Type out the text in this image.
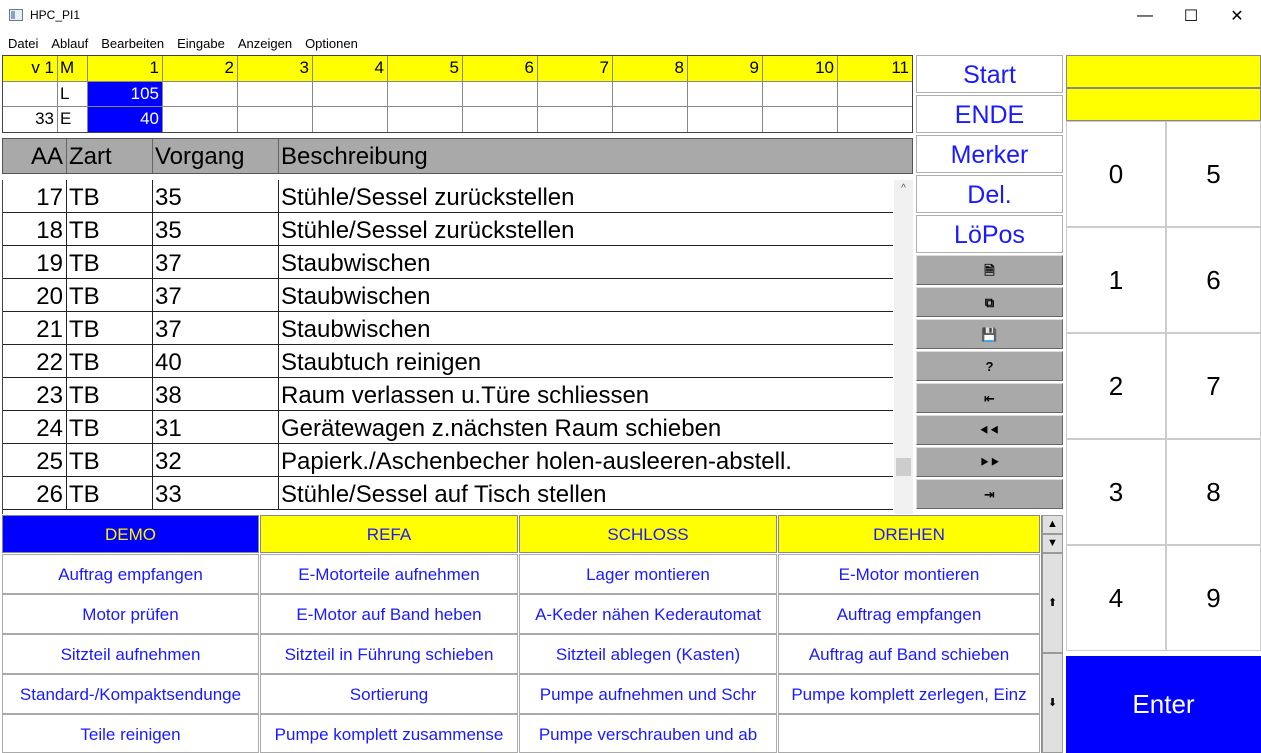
HPC_PI1	—	☐	✕
Datei	Ablauf	Bearbeiten	Eingabe	Anzeigen	Optionen
v 1 M	1	2	3	4	5	6	7	8	9	10	11
L	105
33 E	40
AA Zart	Vorgang	Beschreibung
17 TB	35	Stühle/Sessel zurückstellen
18 TB	35	Stühle/Sessel zurückstellen
19 TB	37	Staubwischen
20 TB	37	Staubwischen
21 TB	37	Staubwischen
22 TB	40	Staubtuch reinigen
23 TB	38	Raum verlassen u.Türe schliessen
24 TB	31	Gerätewagen z.nächsten Raum schieben
25 TB	32	Papierk./Aschenbecher holen-ausleeren-abstell.
26 TB	33	Stühle/Sessel auf Tisch stellen
^
Start
ENDE
Merker
Del.
LöPos
🗎
⧉
💾
?
⇤
⯇⯇
⯈⯈
⇥
0	5
1	6
2	7
3	8
4	9
Enter
DEMO	REFA	SCHLOSS	DREHEN
Auftrag empfangen	E-Motorteile aufnehmen	Lager montieren	E-Motor montieren
Motor prüfen	E-Motor auf Band heben	A-Keder nähen Kederautomat	Auftrag empfangen
Sitzteil aufnehmen	Sitzteil in Führung schieben	Sitzteil ablegen (Kasten)	Auftrag auf Band schieben
Standard-/Kompaktsendunge	Sortierung	Pumpe aufnehmen und Schr	Pumpe komplett zerlegen, Einz
Teile reinigen	Pumpe komplett zusammense	Pumpe verschrauben und ab
▲
▼
⬆
⬇
